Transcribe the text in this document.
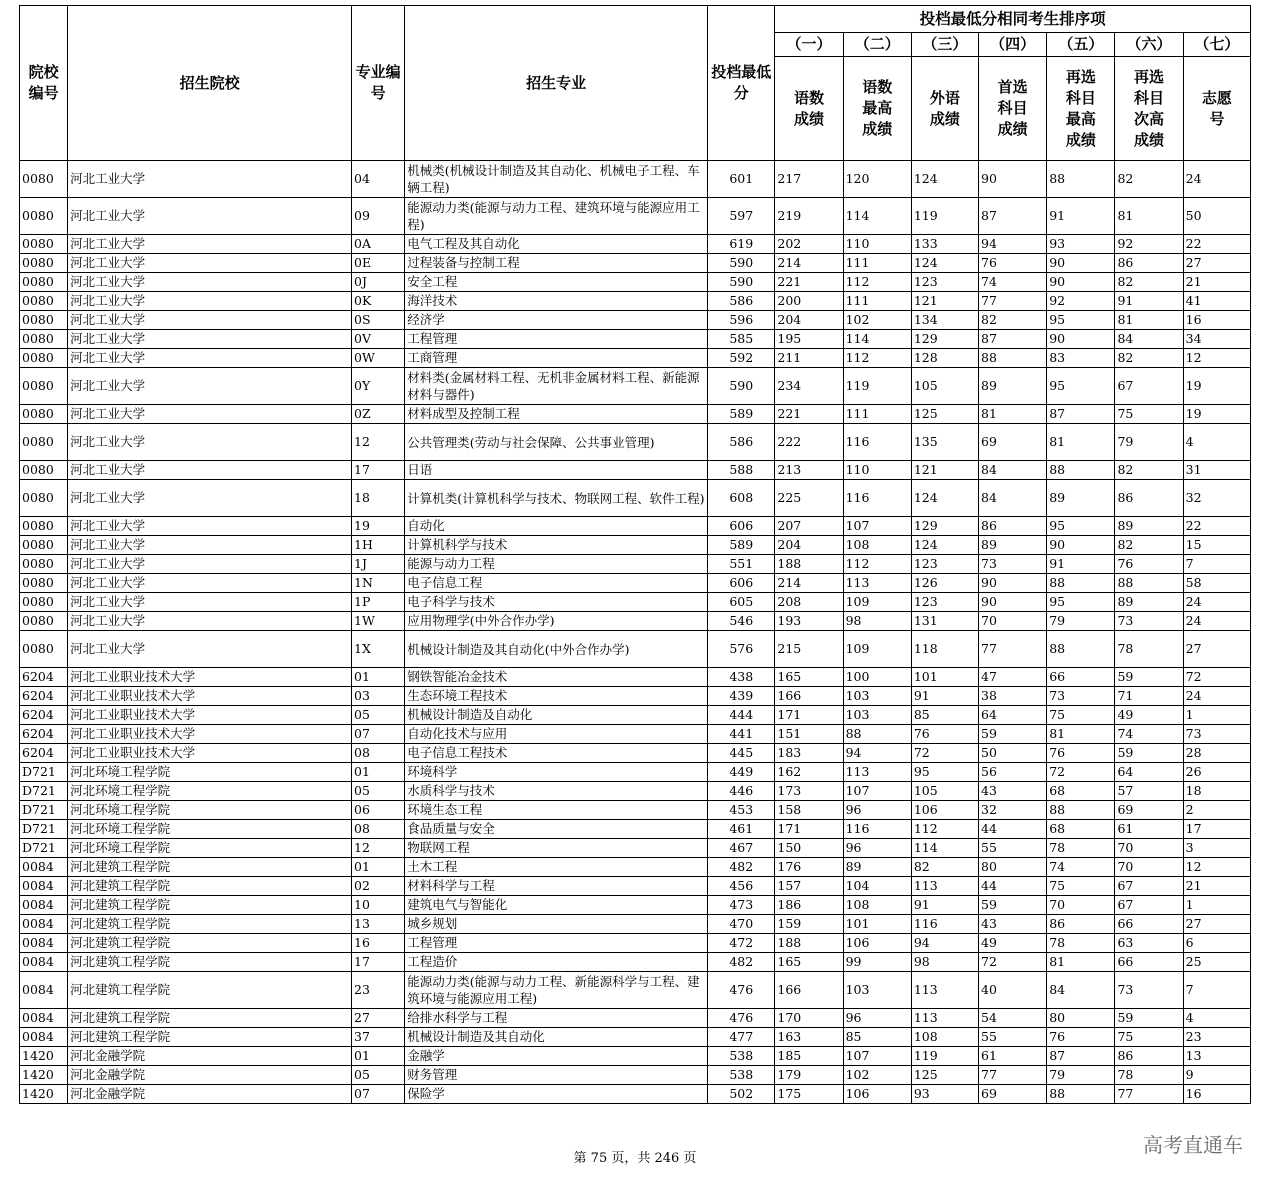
院校编号	招生院校	专业编号	招生专业	投档最低分	投档最低分相同考生排序项						
					（一）	（二）	（三）	（四）	（五）	（六）	（七）
					语数成绩	语数最高成绩	外语成绩	首选科目成绩	再选科目最高成绩	再选科目次高成绩	志愿号
0080	河北工业大学	04	机械类(机械设计制造及其自动化、机械电子工程、车辆工程)	601	217	120	124	90	88	82	24
0080	河北工业大学	09	能源动力类(能源与动力工程、建筑环境与能源应用工程)	597	219	114	119	87	91	81	50
0080	河北工业大学	0A	电气工程及其自动化	619	202	110	133	94	93	92	22
0080	河北工业大学	0E	过程装备与控制工程	590	214	111	124	76	90	86	27
0080	河北工业大学	0J	安全工程	590	221	112	123	74	90	82	21
0080	河北工业大学	0K	海洋技术	586	200	111	121	77	92	91	41
0080	河北工业大学	0S	经济学	596	204	102	134	82	95	81	16
0080	河北工业大学	0V	工程管理	585	195	114	129	87	90	84	34
0080	河北工业大学	0W	工商管理	592	211	112	128	88	83	82	12
0080	河北工业大学	0Y	材料类(金属材料工程、无机非金属材料工程、新能源材料与器件)	590	234	119	105	89	95	67	19
0080	河北工业大学	0Z	材料成型及控制工程	589	221	111	125	81	87	75	19
0080	河北工业大学	12	公共管理类(劳动与社会保障、公共事业管理)	586	222	116	135	69	81	79	4
0080	河北工业大学	17	日语	588	213	110	121	84	88	82	31
0080	河北工业大学	18	计算机类(计算机科学与技术、物联网工程、软件工程)	608	225	116	124	84	89	86	32
0080	河北工业大学	19	自动化	606	207	107	129	86	95	89	22
0080	河北工业大学	1H	计算机科学与技术	589	204	108	124	89	90	82	15
0080	河北工业大学	1J	能源与动力工程	551	188	112	123	73	91	76	7
0080	河北工业大学	1N	电子信息工程	606	214	113	126	90	88	88	58
0080	河北工业大学	1P	电子科学与技术	605	208	109	123	90	95	89	24
0080	河北工业大学	1W	应用物理学(中外合作办学)	546	193	98	131	70	79	73	24
0080	河北工业大学	1X	机械设计制造及其自动化(中外合作办学)	576	215	109	118	77	88	78	27
6204	河北工业职业技术大学	01	钢铁智能冶金技术	438	165	100	101	47	66	59	72
6204	河北工业职业技术大学	03	生态环境工程技术	439	166	103	91	38	73	71	24
6204	河北工业职业技术大学	05	机械设计制造及自动化	444	171	103	85	64	75	49	1
6204	河北工业职业技术大学	07	自动化技术与应用	441	151	88	76	59	81	74	73
6204	河北工业职业技术大学	08	电子信息工程技术	445	183	94	72	50	76	59	28
D721	河北环境工程学院	01	环境科学	449	162	113	95	56	72	64	26
D721	河北环境工程学院	05	水质科学与技术	446	173	107	105	43	68	57	18
D721	河北环境工程学院	06	环境生态工程	453	158	96	106	32	88	69	2
D721	河北环境工程学院	08	食品质量与安全	461	171	116	112	44	68	61	17
D721	河北环境工程学院	12	物联网工程	467	150	96	114	55	78	70	3
0084	河北建筑工程学院	01	土木工程	482	176	89	82	80	74	70	12
0084	河北建筑工程学院	02	材料科学与工程	456	157	104	113	44	75	67	21
0084	河北建筑工程学院	10	建筑电气与智能化	473	186	108	91	59	70	67	1
0084	河北建筑工程学院	13	城乡规划	470	159	101	116	43	86	66	27
0084	河北建筑工程学院	16	工程管理	472	188	106	94	49	78	63	6
0084	河北建筑工程学院	17	工程造价	482	165	99	98	72	81	66	25
0084	河北建筑工程学院	23	能源动力类(能源与动力工程、新能源科学与工程、建筑环境与能源应用工程)	476	166	103	113	40	84	73	7
0084	河北建筑工程学院	27	给排水科学与工程	476	170	96	113	54	80	59	4
0084	河北建筑工程学院	37	机械设计制造及其自动化	477	163	85	108	55	76	75	23
1420	河北金融学院	01	金融学	538	185	107	119	61	87	86	13
1420	河北金融学院	05	财务管理	538	179	102	125	77	79	78	9
1420	河北金融学院	07	保险学	502	175	106	93	69	88	77	16
第 75 页，共 246 页
高考直通车
